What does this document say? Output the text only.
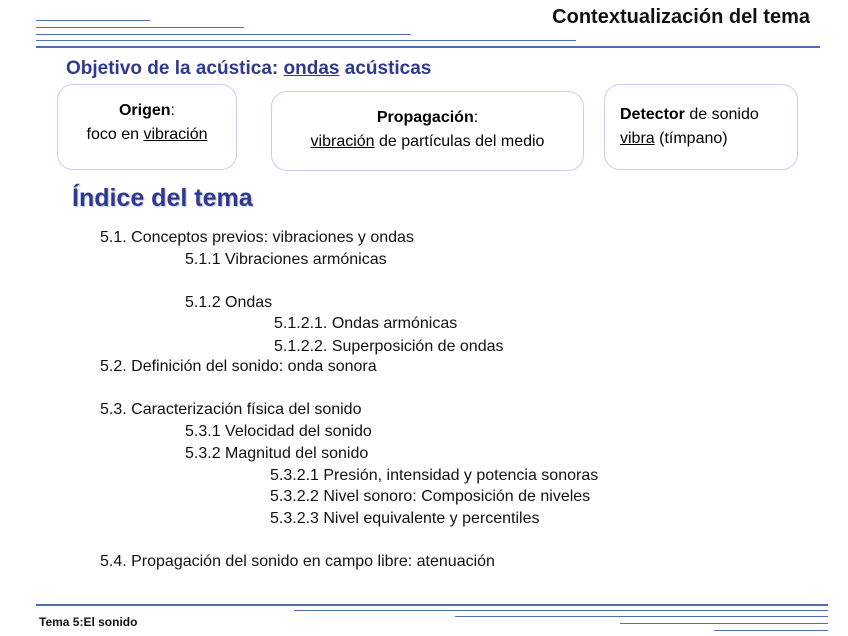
Contextualización del tema
Objetivo de la acústica: ondas acústicas
Origen:
foco en vibración
Propagación:
vibración de partículas del medio
Detector de sonido
vibra (tímpano)
Índice del tema
5.1. Conceptos previos: vibraciones y ondas
5.1.1 Vibraciones armónicas
5.1.2 Ondas
5.1.2.1. Ondas armónicas
5.1.2.2. Superposición de ondas
5.2. Definición del sonido: onda sonora
5.3. Caracterización física del sonido
5.3.1 Velocidad del sonido
5.3.2 Magnitud del sonido
5.3.2.1 Presión, intensidad y potencia sonoras
5.3.2.2 Nivel sonoro: Composición de niveles
5.3.2.3 Nivel equivalente y percentiles
5.4. Propagación del sonido en campo libre: atenuación
Tema 5:El sonido
